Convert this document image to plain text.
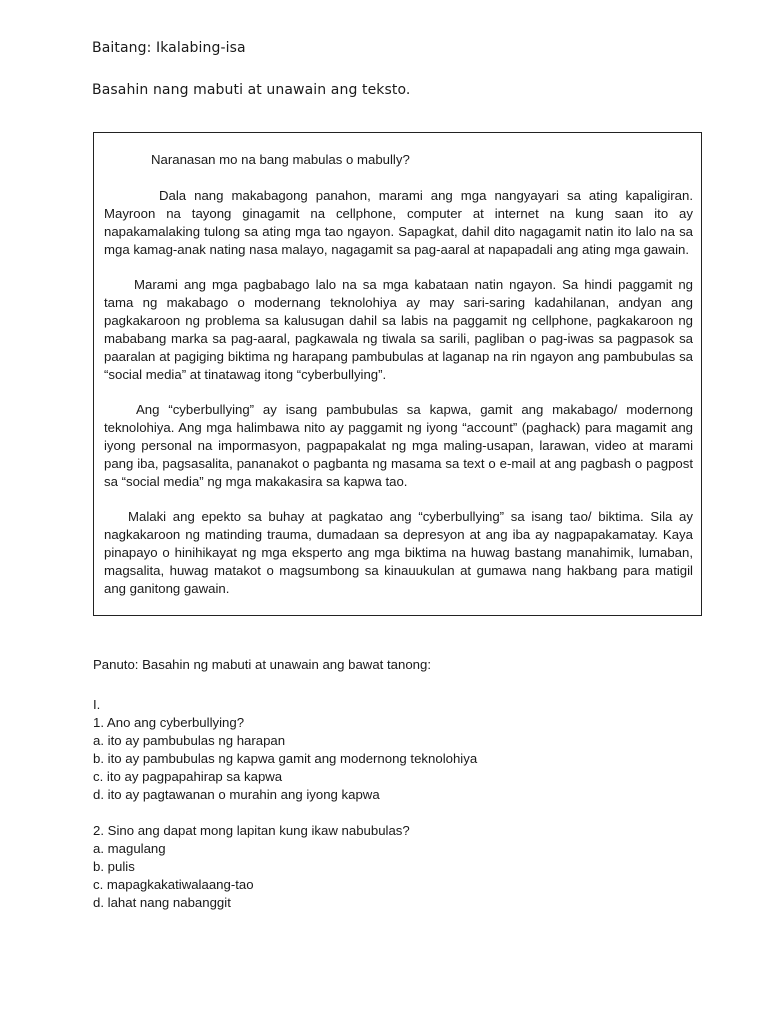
Baitang: Ikalabing-isa
Basahin nang mabuti at unawain ang teksto.

Naranasan mo na bang mabulas o mabully?

Dala nang makabagong panahon, marami ang mga nangyayari sa ating kapaligiran. Mayroon na tayong ginagamit na cellphone, computer at internet na kung saan ito ay napakamalaking tulong sa ating mga tao ngayon. Sapagkat, dahil dito nagagamit natin ito lalo na sa mga kamag-anak nating nasa malayo, nagagamit sa pag-aaral at napapadali ang ating mga gawain.

Marami ang mga pagbabago lalo na sa mga kabataan natin ngayon. Sa hindi paggamit ng tama ng makabago o modernang teknolohiya ay may sari-saring kadahilanan, andyan ang pagkakaroon ng problema sa kalusugan dahil sa labis na paggamit ng cellphone, pagkakaroon ng mababang marka sa pag-aaral, pagkawala ng tiwala sa sarili, pagliban o pag-iwas sa pagpasok sa paaralan at pagiging biktima ng harapang pambubulas at laganap na rin ngayon ang pambubulas sa “social media” at tinatawag itong “cyberbullying”.

Ang “cyberbullying” ay isang pambubulas sa kapwa, gamit ang makabago/ modernong teknolohiya. Ang mga halimbawa nito ay paggamit ng iyong “account” (paghack) para magamit ang iyong personal na impormasyon, pagpapakalat ng mga maling-usapan, larawan, video at marami pang iba, pagsasalita, pananakot o pagbanta ng masama sa text o e-mail at ang pagbash o pagpost sa “social media” ng mga makakasira sa kapwa tao.

Malaki ang epekto sa buhay at pagkatao ang “cyberbullying” sa isang tao/ biktima. Sila ay nagkakaroon ng matinding trauma, dumadaan sa depresyon at ang iba ay nagpapakamatay. Kaya pinapayo o hinihikayat ng mga eksperto ang mga biktima na huwag bastang manahimik, lumaban, magsalita, huwag matakot o magsumbong sa kinauukulan at gumawa nang hakbang para matigil ang ganitong gawain.

Panuto: Basahin ng mabuti at unawain ang bawat tanong:

I.

1. Ano ang cyberbullying?

a. ito ay pambubulas ng harapan

b. ito ay pambubulas ng kapwa gamit ang modernong teknolohiya

c. ito ay pagpapahirap sa kapwa

d. ito ay pagtawanan o murahin ang iyong kapwa

2. Sino ang dapat mong lapitan kung ikaw nabubulas?

a. magulang

b. pulis

c. mapagkakatiwalaang-tao

d. lahat nang nabanggit
